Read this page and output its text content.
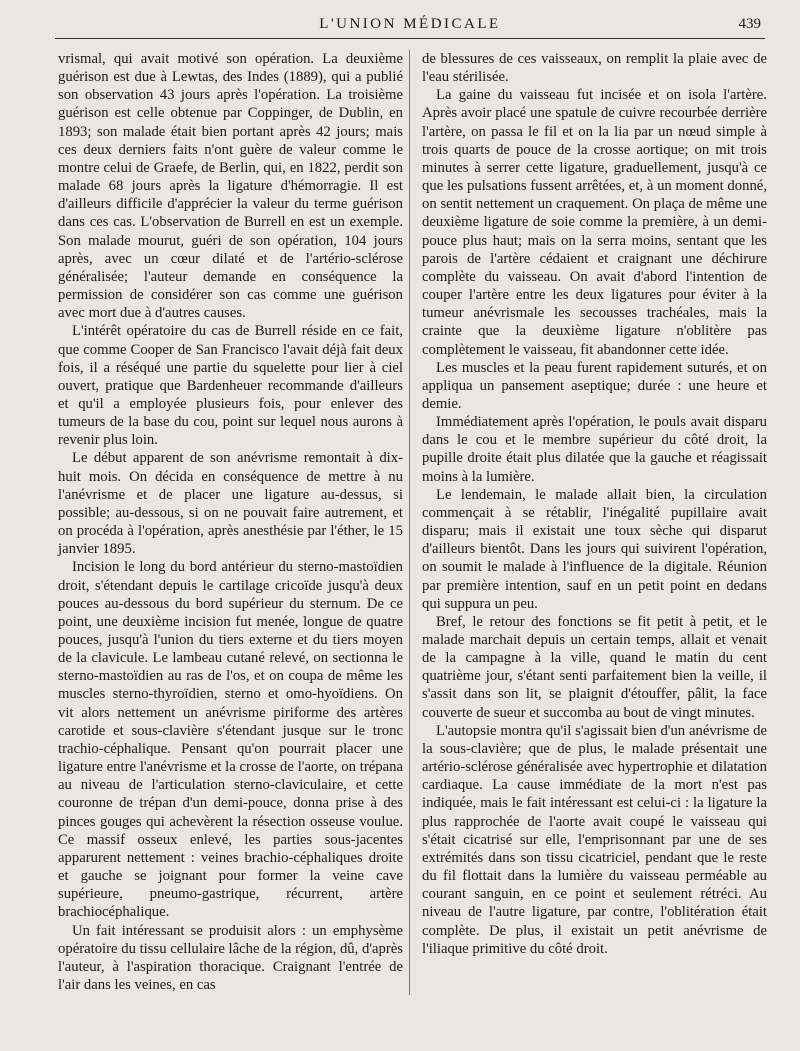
L'UNION MÉDICALE	439

vrismal, qui avait motivé son opération. La deuxième guérison est due à Lewtas, des Indes (1889), qui a publié son observation 43 jours après l'opération. La troisième guérison est celle obtenue par Coppinger, de Dublin, en 1893; son malade était bien portant après 42 jours; mais ces deux derniers faits n'ont guère de valeur comme le montre celui de Graefe, de Berlin, qui, en 1822, perdit son malade 68 jours après la ligature d'hémorragie. Il est d'ailleurs difficile d'apprécier la valeur du terme guérison dans ces cas. L'observation de Burrell en est un exemple. Son malade mourut, guéri de son opération, 104 jours après, avec un cœur dilaté et de l'artério-sclérose généralisée; l'auteur demande en conséquence la permission de considérer son cas comme une guérison avec mort due à d'autres causes.

L'intérêt opératoire du cas de Burrell réside en ce fait, que comme Cooper de San Francisco l'avait déjà fait deux fois, il a réséqué une partie du squelette pour lier à ciel ouvert, pratique que Bardenheuer recommande d'ailleurs et qu'il a employée plusieurs fois, pour enlever des tumeurs de la base du cou, point sur lequel nous aurons à revenir plus loin.

Le début apparent de son anévrisme remontait à dix-huit mois. On décida en conséquence de mettre à nu l'anévrisme et de placer une ligature au-dessus, si possible; au-dessous, si on ne pouvait faire autrement, et on procéda à l'opération, après anesthésie par l'éther, le 15 janvier 1895.

Incision le long du bord antérieur du sterno-mastoïdien droit, s'étendant depuis le cartilage cricoïde jusqu'à deux pouces au-dessous du bord supérieur du sternum. De ce point, une deuxième incision fut menée, longue de quatre pouces, jusqu'à l'union du tiers externe et du tiers moyen de la clavicule. Le lambeau cutané relevé, on sectionna le sterno-mastoïdien au ras de l'os, et on coupa de même les muscles sterno-thyroïdien, sterno et omo-hyoïdiens. On vit alors nettement un anévrisme piriforme des artères carotide et sous-clavière s'étendant jusque sur le tronc trachio-céphalique. Pensant qu'on pourrait placer une ligature entre l'anévrisme et la crosse de l'aorte, on trépana au niveau de l'articulation sterno-claviculaire, et cette couronne de trépan d'un demi-pouce, donna prise à des pinces gouges qui achevèrent la résection osseuse voulue. Ce massif osseux enlevé, les parties sous-jacentes apparurent nettement : veines brachio-céphaliques droite et gauche se joignant pour former la veine cave supérieure, pneumo-gastrique, récurrent, artère brachiocéphalique.

Un fait intéressant se produisit alors : un emphysème opératoire du tissu cellulaire lâche de la région, dû, d'après l'auteur, à l'aspiration thoracique. Craignant l'entrée de l'air dans les veines, en cas

de blessures de ces vaisseaux, on remplit la plaie avec de l'eau stérilisée.

La gaine du vaisseau fut incisée et on isola l'artère. Après avoir placé une spatule de cuivre recourbée derrière l'artère, on passa le fil et on la lia par un nœud simple à trois quarts de pouce de la crosse aortique; on mit trois minutes à serrer cette ligature, graduellement, jusqu'à ce que les pulsations fussent arrêtées, et, à un moment donné, on sentit nettement un craquement. On plaça de même une deuxième ligature de soie comme la première, à un demi-pouce plus haut; mais on la serra moins, sentant que les parois de l'artère cédaient et craignant une déchirure complète du vaisseau. On avait d'abord l'intention de couper l'artère entre les deux ligatures pour éviter à la tumeur anévrismale les secousses trachéales, mais la crainte que la deuxième ligature n'oblitère pas complètement le vaisseau, fit abandonner cette idée.

Les muscles et la peau furent rapidement suturés, et on appliqua un pansement aseptique; durée : une heure et demie.

Immédiatement après l'opération, le pouls avait disparu dans le cou et le membre supérieur du côté droit, la pupille droite était plus dilatée que la gauche et réagissait moins à la lumière.

Le lendemain, le malade allait bien, la circulation commençait à se rétablir, l'inégalité pupillaire avait disparu; mais il existait une toux sèche qui disparut d'ailleurs bientôt. Dans les jours qui suivirent l'opération, on soumit le malade à l'influence de la digitale. Réunion par première intention, sauf en un petit point en dedans qui suppura un peu.

Bref, le retour des fonctions se fit petit à petit, et le malade marchait depuis un certain temps, allait et venait de la campagne à la ville, quand le matin du cent quatrième jour, s'étant senti parfaitement bien la veille, il s'assit dans son lit, se plaignit d'étouffer, pâlit, la face couverte de sueur et succomba au bout de vingt minutes.

L'autopsie montra qu'il s'agissait bien d'un anévrisme de la sous-clavière; que de plus, le malade présentait une artério-sclérose généralisée avec hypertrophie et dilatation cardiaque. La cause immédiate de la mort n'est pas indiquée, mais le fait intéressant est celui-ci : la ligature la plus rapprochée de l'aorte avait coupé le vaisseau qui s'était cicatrisé sur elle, l'emprisonnant par une de ses extrémités dans son tissu cicatriciel, pendant que le reste du fil flottait dans la lumière du vaisseau perméable au courant sanguin, en ce point et seulement rétréci. Au niveau de l'autre ligature, par contre, l'oblitération était complète. De plus, il existait un petit anévrisme de l'iliaque primitive du côté droit.
